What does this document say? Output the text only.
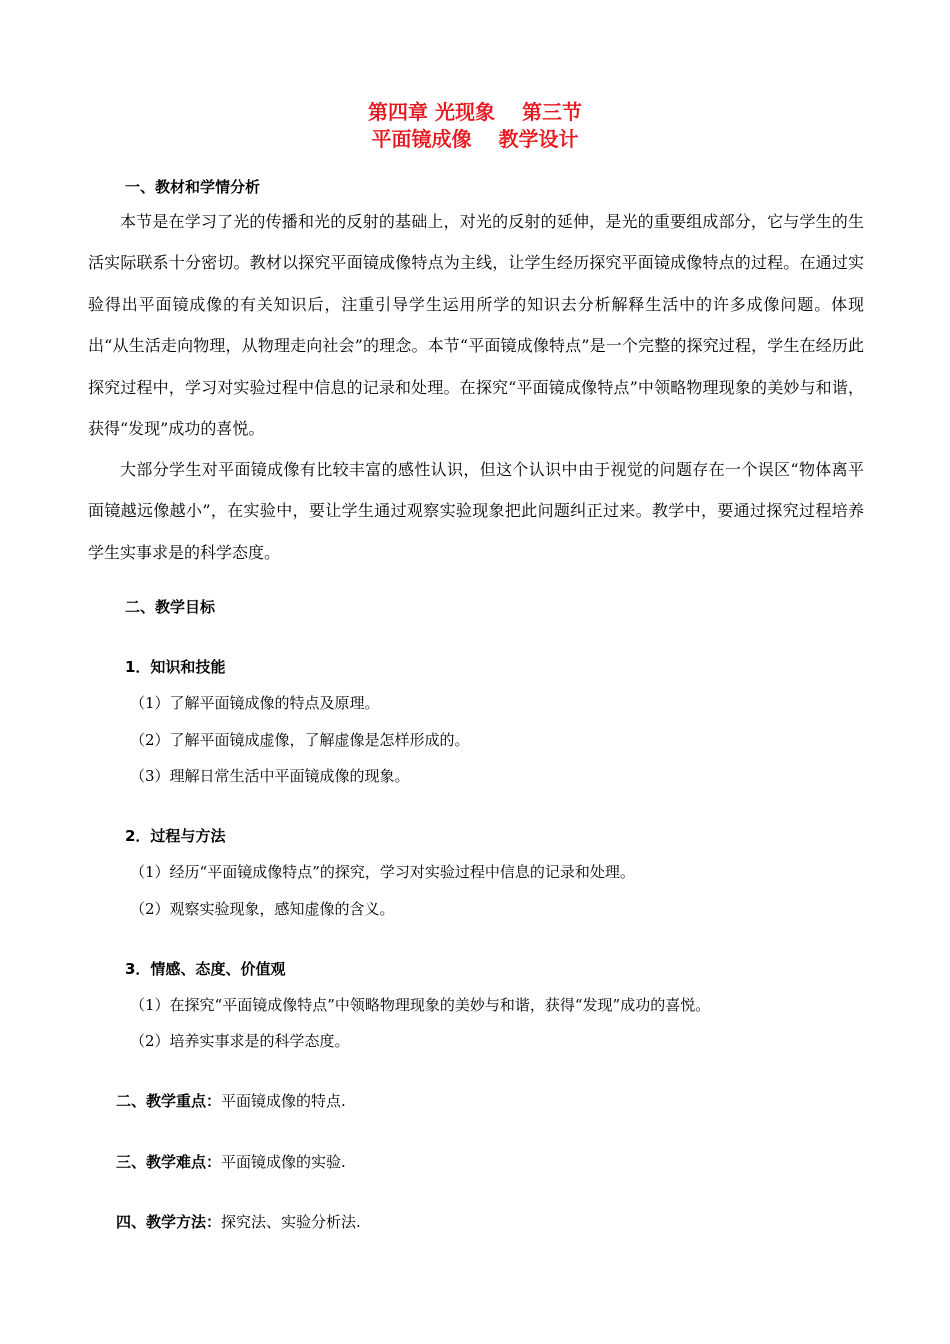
第四章 光现象　 第三节
平面镜成像　 教学设计
一、教材和学情分析
本节是在学习了光的传播和光的反射的基础上，对光的反射的延伸，是光的重要组成部分，它与学生的生活实际联系十分密切。教材以探究平面镜成像特点为主线，让学生经历探究平面镜成像特点的过程。在通过实验得出平面镜成像的有关知识后，注重引导学生运用所学的知识去分析解释生活中的许多成像问题。体现出“从生活走向物理，从物理走向社会”的理念。本节“平面镜成像特点”是一个完整的探究过程，学生在经历此探究过程中，学习对实验过程中信息的记录和处理。在探究“平面镜成像特点”中领略物理现象的美妙与和谐，获得“发现”成功的喜悦。
大部分学生对平面镜成像有比较丰富的感性认识，但这个认识中由于视觉的问题存在一个误区“物体离平面镜越远像越小”，在实验中，要让学生通过观察实验现象把此问题纠正过来。教学中，要通过探究过程培养学生实事求是的科学态度。
二、教学目标
1．知识和技能
（1）了解平面镜成像的特点及原理。
（2）了解平面镜成虚像，了解虚像是怎样形成的。
（3）理解日常生活中平面镜成像的现象。
2．过程与方法
（1）经历“平面镜成像特点”的探究，学习对实验过程中信息的记录和处理。
（2）观察实验现象，感知虚像的含义。
3．情感、态度、价值观
（1）在探究“平面镜成像特点”中领略物理现象的美妙与和谐，获得“发现”成功的喜悦。
（2）培养实事求是的科学态度。
二、教学重点：平面镜成像的特点.
三、教学难点：平面镜成像的实验.
四、教学方法：探究法、实验分析法.
